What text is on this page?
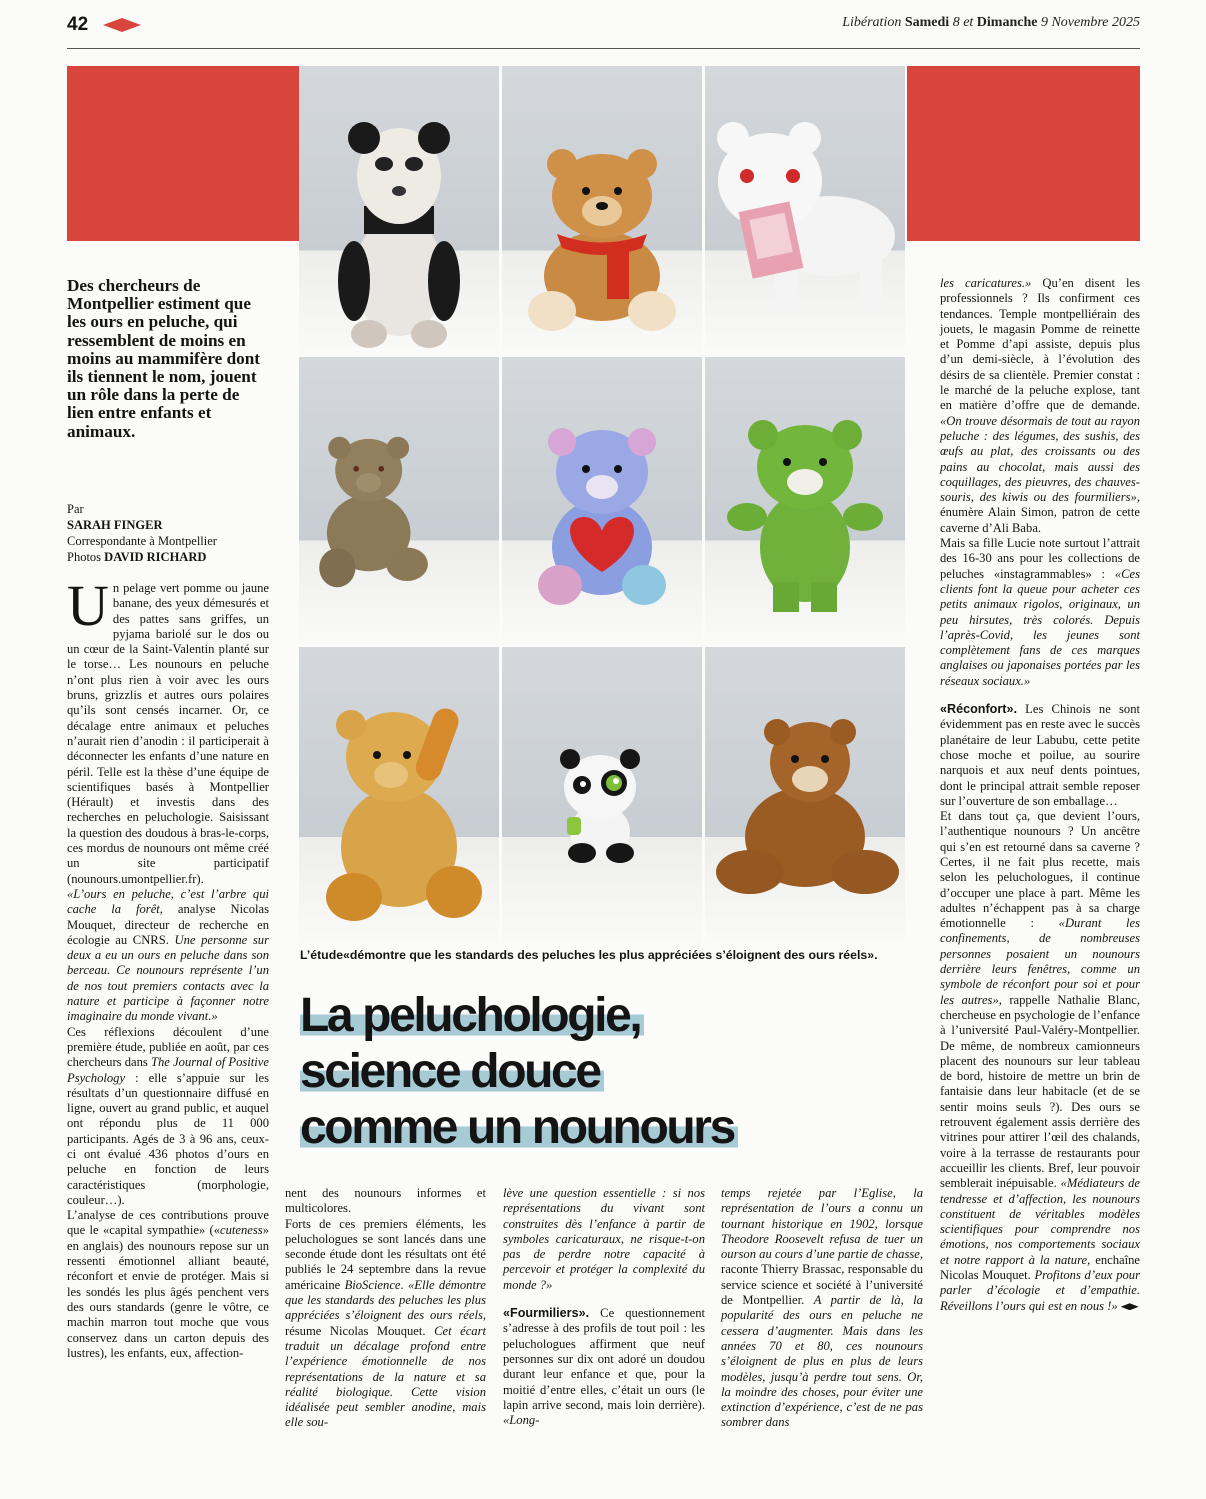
42	Libération Samedi 8 et Dimanche 9 Novembre 2025
L’étude«démontre que les standards des peluches les plus appréciées s’éloignent des ours réels».
La peluchologie,
science douce
comme un nounours
Des chercheurs de Montpellier estiment que les ours en peluche, qui ressemblent de moins en moins au mammifère dont ils tiennent le nom, jouent un rôle dans la perte de lien entre enfants et animaux.
Par
SARAH FINGER
Correspondante à Montpellier
Photos DAVID RICHARD

Un pelage vert pomme ou jaune banane, des yeux démesurés et des pattes sans griffes, un pyjama bariolé sur le dos ou un cœur de la Saint-Valentin planté sur le torse… Les nounours en peluche n’ont plus rien à voir avec les ours bruns, grizzlis et autres ours polaires qu’ils sont censés incarner. Or, ce décalage entre animaux et peluches n’aurait rien d’anodin : il participerait à déconnecter les enfants d’une nature en péril. Telle est la thèse d’une équipe de scientifiques basés à Montpellier (Hérault) et investis dans des recherches en peluchologie. Saisissant la question des doudous à bras-le-corps, ces mordus de nounours ont même créé un site participatif (nounours.umontpellier.fr).

«L’ours en peluche, c’est l’arbre qui cache la forêt, analyse Nicolas Mouquet, directeur de recherche en écologie au CNRS. Une personne sur deux a eu un ours en peluche dans son berceau. Ce nounours représente l’un de nos tout premiers contacts avec la nature et participe à façonner notre imaginaire du monde vivant.»

Ces réflexions découlent d’une première étude, publiée en août, par ces chercheurs dans The Journal of Positive Psychology : elle s’appuie sur les résultats d’un questionnaire diffusé en ligne, ouvert au grand public, et auquel ont répondu plus de 11 000 participants. Agés de 3 à 96 ans, ceux-ci ont évalué 436 photos d’ours en peluche en fonction de leurs caractéristiques (morphologie, couleur…).

L’analyse de ces contributions prouve que le «capital sympathie» («cuteness» en anglais) des nounours repose sur un ressenti émotionnel alliant beauté, réconfort et envie de protéger. Mais si les sondés les plus âgés penchent vers des ours standards (genre le vôtre, ce machin marron tout moche que vous conservez dans un carton depuis des lustres), les enfants, eux, affection-

nent des nounours informes et multicolores.

Forts de ces premiers éléments, les peluchologues se sont lancés dans une seconde étude dont les résultats ont été publiés le 24 septembre dans la revue américaine BioScience. «Elle démontre que les standards des peluches les plus appréciées s’éloignent des ours réels, résume Nicolas Mouquet. Cet écart traduit un décalage profond entre l’expérience émotionnelle de nos représentations de la nature et sa réalité biologique. Cette vision idéalisée peut sembler anodine, mais elle sou-

lève une question essentielle : si nos représentations du vivant sont construites dès l’enfance à partir de symboles caricaturaux, ne risque-t-on pas de perdre notre capacité à percevoir et protéger la complexité du monde ?»

«Fourmiliers». Ce questionnement s’adresse à des profils de tout poil : les peluchologues affirment que neuf personnes sur dix ont adoré un doudou durant leur enfance et que, pour la moitié d’entre elles, c’était un ours (le lapin arrive second, mais loin derrière). «Long-

temps rejetée par l’Eglise, la représentation de l’ours a connu un tournant historique en 1902, lorsque Theodore Roosevelt refusa de tuer un ourson au cours d’une partie de chasse, raconte Thierry Brassac, responsable du service science et société à l’université de Montpellier. A partir de là, la popularité des ours en peluche ne cessera d’augmenter. Mais dans les années 70 et 80, ces nounours s’éloignent de plus en plus de leurs modèles, jusqu’à perdre tout sens. Or, la moindre des choses, pour éviter une extinction d’expérience, c’est de ne pas sombrer dans

les caricatures.» Qu’en disent les professionnels ? Ils confirment ces tendances. Temple montpelliérain des jouets, le magasin Pomme de reinette et Pomme d’api assiste, depuis plus d’un demi-siècle, à l’évolution des désirs de sa clientèle. Premier constat : le marché de la peluche explose, tant en matière d’offre que de demande. «On trouve désormais de tout au rayon peluche : des légumes, des sushis, des œufs au plat, des croissants ou des pains au chocolat, mais aussi des coquillages, des pieuvres, des chauves-souris, des kiwis ou des fourmiliers», énumère Alain Simon, patron de cette caverne d’Ali Baba.

Mais sa fille Lucie note surtout l’attrait des 16-30 ans pour les collections de peluches «instagrammables» : «Ces clients font la queue pour acheter ces petits animaux rigolos, originaux, un peu hirsutes, très colorés. Depuis l’après-Covid, les jeunes sont complètement fans de ces marques anglaises ou japonaises portées par les réseaux sociaux.»

«Réconfort». Les Chinois ne sont évidemment pas en reste avec le succès planétaire de leur Labubu, cette petite chose moche et poilue, au sourire narquois et aux neuf dents pointues, dont le principal attrait semble reposer sur l’ouverture de son emballage…

Et dans tout ça, que devient l’ours, l’authentique nounours ? Un ancêtre qui s’en est retourné dans sa caverne ? Certes, il ne fait plus recette, mais selon les peluchologues, il continue d’occuper une place à part. Même les adultes n’échappent pas à sa charge émotionnelle : «Durant les confinements, de nombreuses personnes posaient un nounours derrière leurs fenêtres, comme un symbole de réconfort pour soi et pour les autres», rappelle Nathalie Blanc, chercheuse en psychologie de l’enfance à l’université Paul-Valéry-Montpellier. De même, de nombreux camionneurs placent des nounours sur leur tableau de bord, histoire de mettre un brin de fantaisie dans leur habitacle (et de se sentir moins seuls ?). Des ours se retrouvent également assis derrière des vitrines pour attirer l’œil des chalands, voire à la terrasse de restaurants pour accueillir les clients. Bref, leur pouvoir semblerait inépuisable. «Médiateurs de tendresse et d’affection, les nounours constituent de véritables modèles scientifiques pour comprendre nos émotions, nos comportements sociaux et notre rapport à la nature, enchaîne Nicolas Mouquet. Profitons d’eux pour parler d’écologie et d’empathie. Réveillons l’ours qui est en nous !»
